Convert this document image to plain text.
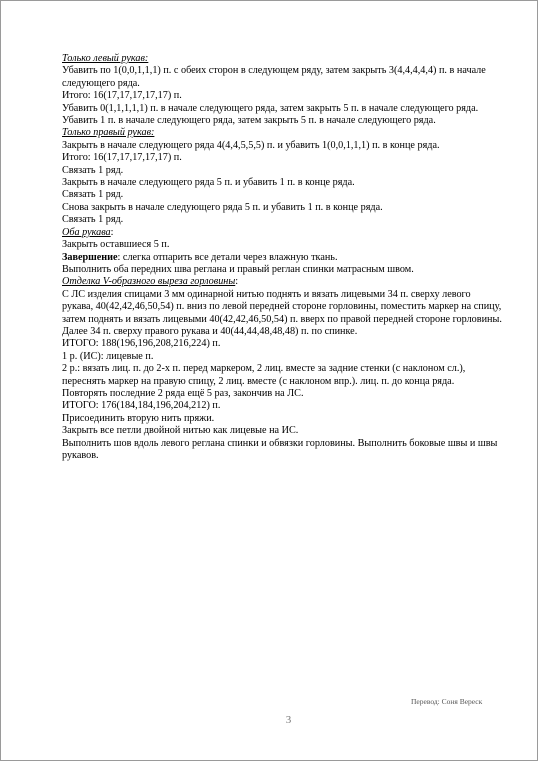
Только левый рукав:

Убавить по 1(0,0,1,1,1) п. с обеих сторон в следующем ряду, затем закрыть 3(4,4,4,4,4) п. в начале следующего ряда.

Итого: 16(17,17,17,17,17) п.

Убавить 0(1,1,1,1,1) п. в начале следующего ряда, затем закрыть 5 п. в начале следующего ряда.

Убавить 1 п. в начале следующего ряда, затем закрыть 5 п. в начале следующего ряда.

Только правый рукав:

Закрыть в начале следующего ряда 4(4,4,5,5,5) п. и убавить 1(0,0,1,1,1) п. в конце ряда.

Итого: 16(17,17,17,17,17) п.

Связать 1 ряд.

Закрыть в начале следующего ряда 5 п. и убавить 1 п. в конце ряда.

Связать 1 ряд.

Снова закрыть в начале следующего ряда 5 п. и убавить 1 п. в конце ряда.

Связать 1 ряд.

Оба рукава:

Закрыть оставшиеся 5 п.

Завершение: слегка отпарить все детали через влажную ткань.

Выполнить оба передних шва реглана и правый реглан спинки матрасным швом.

Отделка V-образного выреза горловины:

С ЛС изделия спицами 3 мм одинарной нитью поднять и вязать лицевыми 34 п. сверху левого рукава, 40(42,42,46,50,54) п. вниз по левой передней стороне горловины, поместить маркер на спицу, затем поднять и вязать лицевыми 40(42,42,46,50,54) п. вверх по правой передней стороне горловины. Далее 34 п. сверху правого рукава и 40(44,44,48,48,48) п. по спинке.

ИТОГО: 188(196,196,208,216,224) п.

1 р. (ИС): лицевые п.

2 р.: вязать лиц. п. до 2-х п. перед маркером, 2 лиц. вместе за задние стенки (с наклоном сл.), переснять маркер на правую спицу, 2 лиц. вместе (с наклоном впр.). лиц. п. до конца ряда.

Повторять последние 2 ряда ещё 5 раз, закончив на ЛС.

ИТОГО: 176(184,184,196,204,212) п.

Присоединить вторую нить пряжи.

Закрыть все петли двойной нитью как лицевые на ИС.

Выполнить шов вдоль левого реглана спинки и обвязки горловины. Выполнить боковые швы и швы рукавов.

Перевод: Соня Вереск
3
